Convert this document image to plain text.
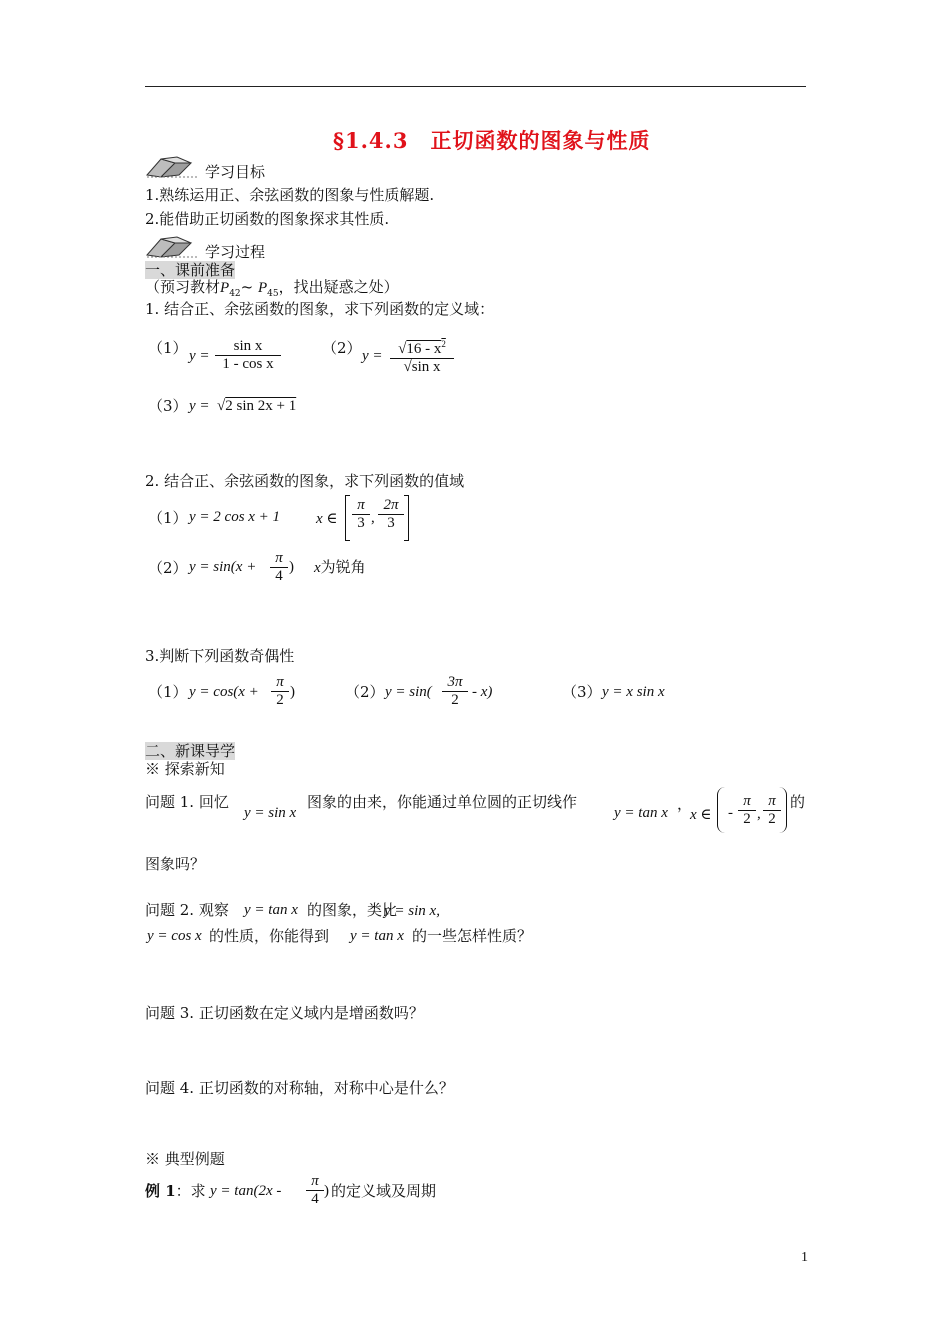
§1.4.3　正切函数的图象与性质
学习目标
1.熟练运用正、余弦函数的图象与性质解题.
2.能借助正切函数的图象探求其性质.
学习过程
一、课前准备
（预习教材$P_{42}\sim$ $P_{45}$，找出疑惑之处）
1. 结合正、余弦函数的图象，求下列函数的定义域：
（1） $y = \frac{\text{sin x}}{\text{1 - cos x}}$	（2） $y = \frac{√16 - x^2}{\text{√sin x}}$
（3） y = √2 sin 2x + 1
2. 结合正、余弦函数的图象，求下列函数的值域
（1） y = 2 cos x + 1 x ∈ $\frac{\pi}{3}$ , $\frac{2\pi}{3}$
（2） $y = \sin(x + \frac{\pi}{4}$ ) x为锐角
3.判断下列函数奇偶性
（1） $y = \cos(x + \frac{\pi}{2}$ )	（2） $y = \sin( \frac{3\pi}{2} - x)$	（3） y = x sin x
二、新课导学
※ 探索新知
问题 1. 回忆
y = sin x
图象的由来，你能通过单位圆的正切线作
y = tan x ，
x ∈ - $\frac{\pi}{2}$ , $\frac{\pi}{2}$ 的
图象吗？
问题 2. 观察 y = tan x 的图象，类比
y = sin x,
y = cos x 的性质，你能得到 y = tan x 的一些怎样性质？
问题 3. 正切函数在定义域内是增函数吗？
问题 4. 正切函数的对称轴，对称中心是什么？
※ 典型例题
例 1：求 $y = \tan(2x - \frac{\pi}{4}$ ) 的定义域及周期
1
